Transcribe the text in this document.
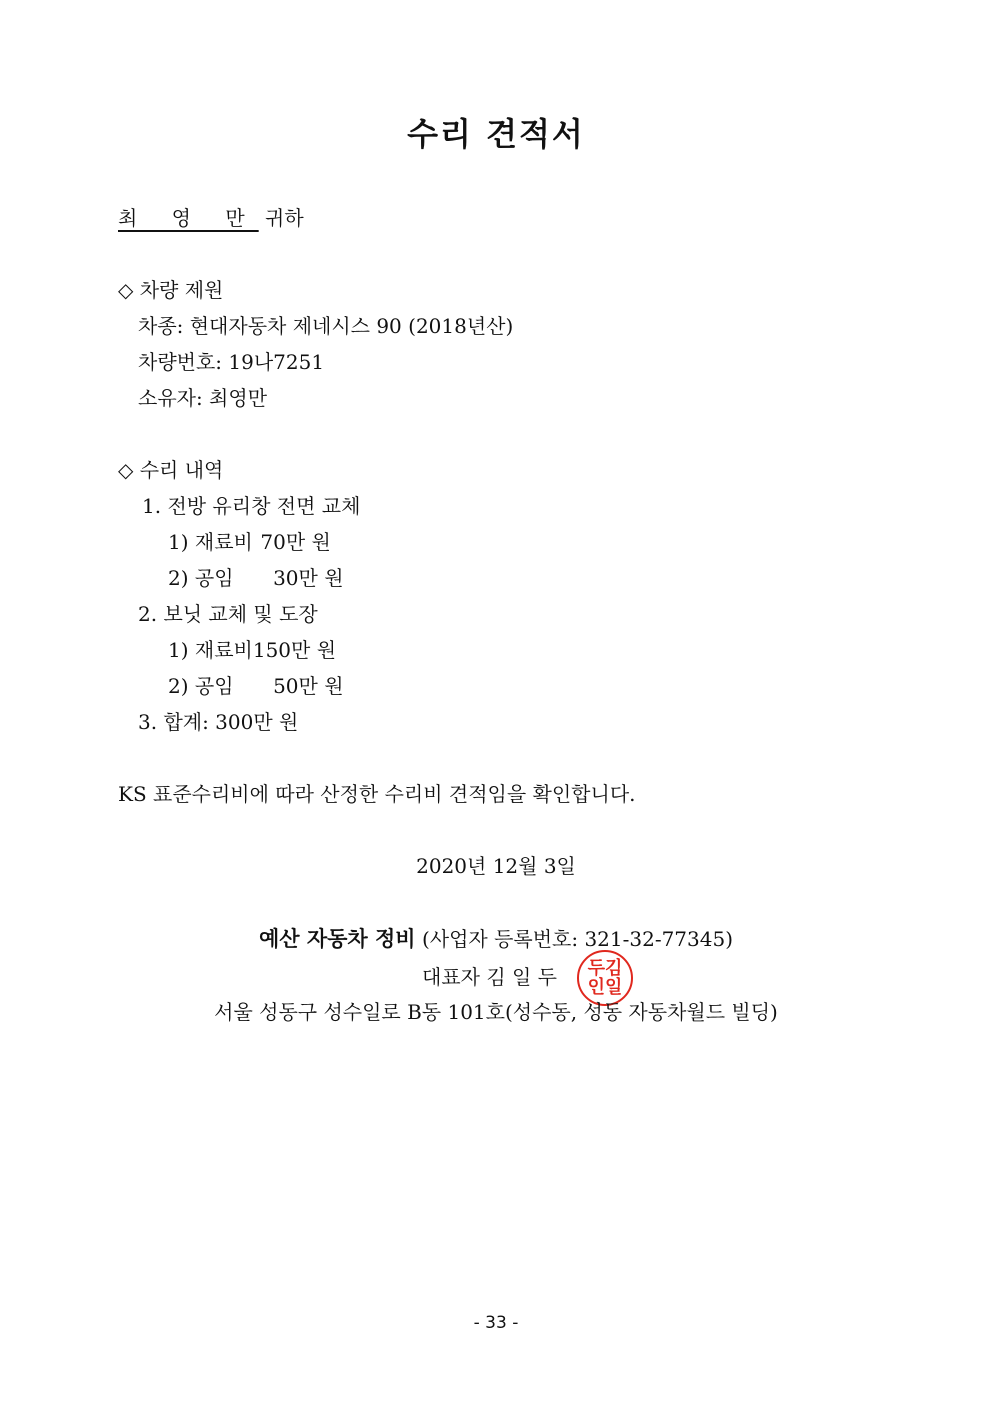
수리 견적서
최 영 만 귀하
◇ 차량 제원
차종: 현대자동차 제네시스 90 (2018년산)
차량번호: 19나7251
소유자: 최영만
◇ 수리 내역
1. 전방 유리창 전면 교체
1) 재료비 70만 원
2) 공임 30만 원
2. 보닛 교체 및 도장
1) 재료비150만 원
2) 공임 50만 원
3. 합계: 300만 원
KS 표준수리비에 따라 산정한 수리비 견적임을 확인합니다.
2020년 12월 3일
예산 자동차 정비 (사업자 등록번호: 321-32-77345)
대표자 김 일 두	두김
인일
서울 성동구 성수일로 B동 101호(성수동, 성동 자동차월드 빌딩)
- 33 -
